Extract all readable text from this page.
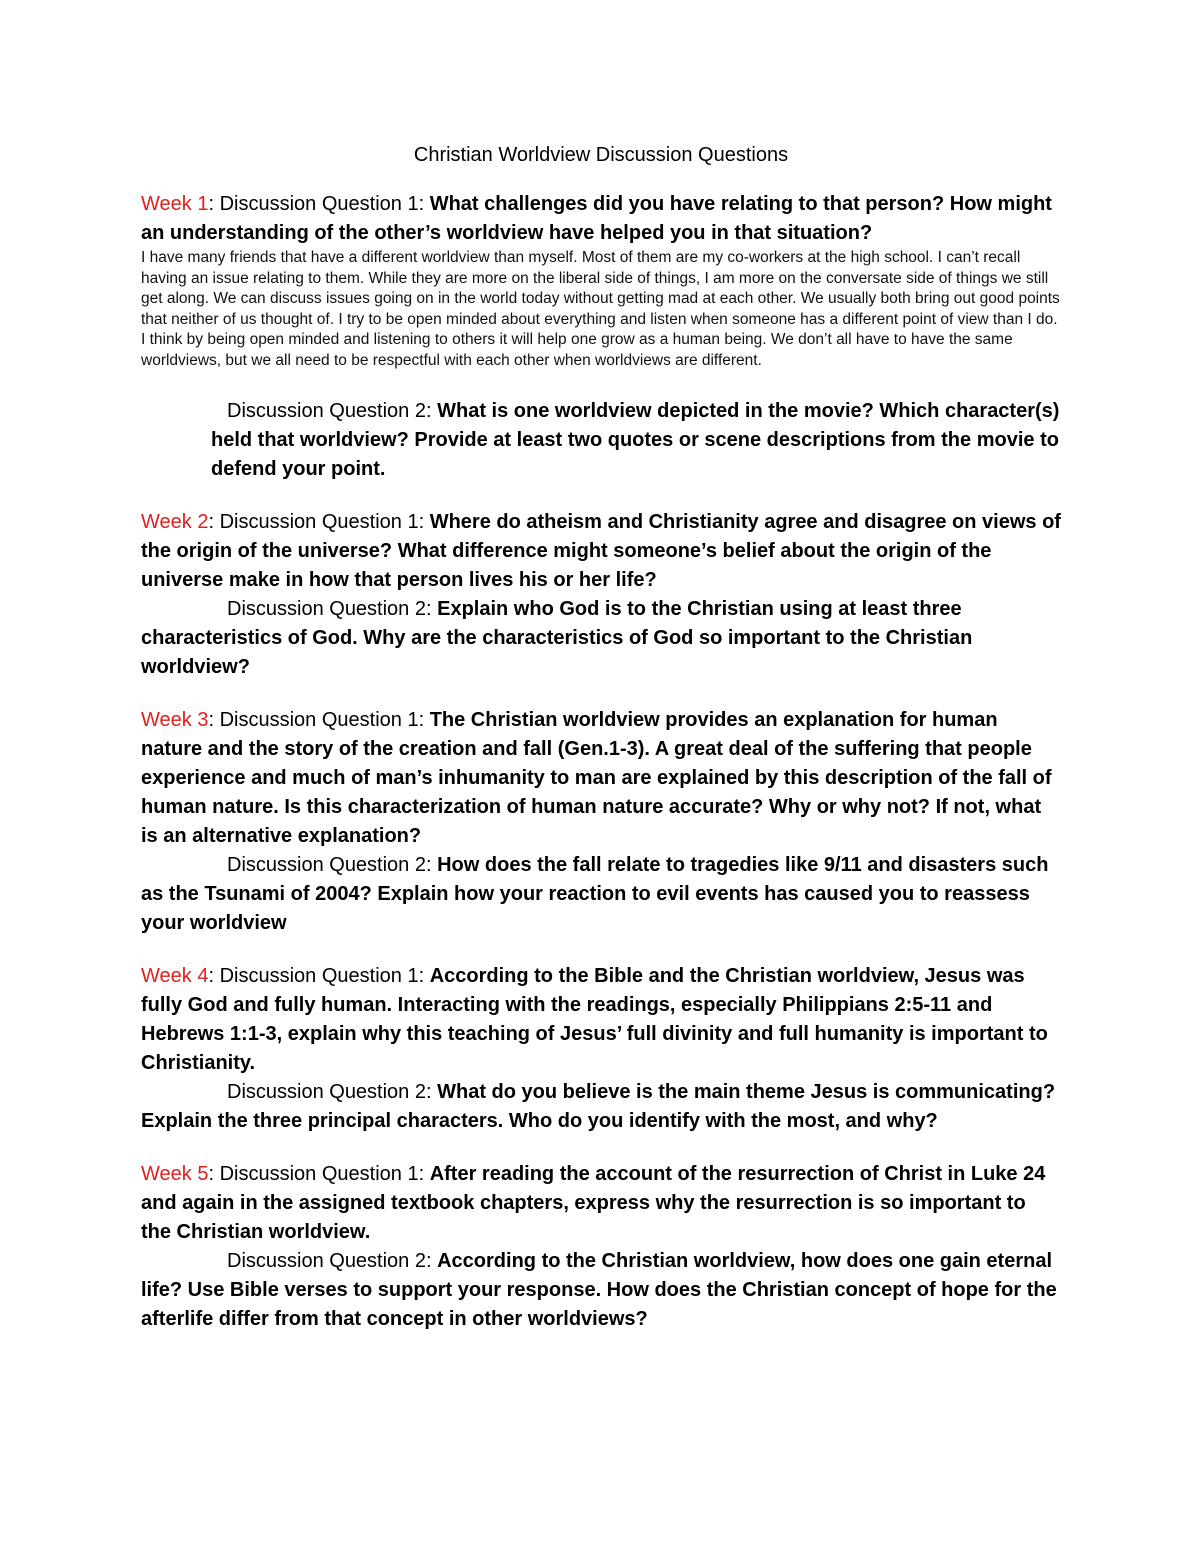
Christian Worldview Discussion Questions

Week 1: Discussion Question 1: What challenges did you have relating to that person? How might an understanding of the other’s worldview have helped you in that situation?

I have many friends that have a different worldview than myself. Most of them are my co-workers at the high school. I can’t recall having an issue relating to them. While they are more on the liberal side of things, I am more on the conversate side of things we still get along. We can discuss issues going on in the world today without getting mad at each other. We usually both bring out good points that neither of us thought of. I try to be open minded about everything and listen when someone has a different point of view than I do. I think by being open minded and listening to others it will help one grow as a human being. We don’t all have to have the same worldviews, but we all need to be respectful with each other when worldviews are different.

Discussion Question 2: What is one worldview depicted in the movie? Which character(s) held that worldview? Provide at least two quotes or scene descriptions from the movie to defend your point.

Week 2: Discussion Question 1: Where do atheism and Christianity agree and disagree on views of the origin of the universe? What difference might someone’s belief about the origin of the universe make in how that person lives his or her life?

Discussion Question 2: Explain who God is to the Christian using at least three characteristics of God. Why are the characteristics of God so important to the Christian worldview?

Week 3: Discussion Question 1: The Christian worldview provides an explanation for human nature and the story of the creation and fall (Gen.1-3). A great deal of the suffering that people experience and much of man’s inhumanity to man are explained by this description of the fall of human nature. Is this characterization of human nature accurate? Why or why not? If not, what is an alternative explanation?

Discussion Question 2: How does the fall relate to tragedies like 9/11 and disasters such as the Tsunami of 2004? Explain how your reaction to evil events has caused you to reassess your worldview

Week 4: Discussion Question 1: According to the Bible and the Christian worldview, Jesus was fully God and fully human. Interacting with the readings, especially Philippians 2:5-11 and Hebrews 1:1-3, explain why this teaching of Jesus’ full divinity and full humanity is important to Christianity.

Discussion Question 2: What do you believe is the main theme Jesus is communicating? Explain the three principal characters. Who do you identify with the most, and why?

Week 5: Discussion Question 1: After reading the account of the resurrection of Christ in Luke 24 and again in the assigned textbook chapters, express why the resurrection is so important to the Christian worldview.

Discussion Question 2: According to the Christian worldview, how does one gain eternal life? Use Bible verses to support your response. How does the Christian concept of hope for the afterlife differ from that concept in other worldviews?
